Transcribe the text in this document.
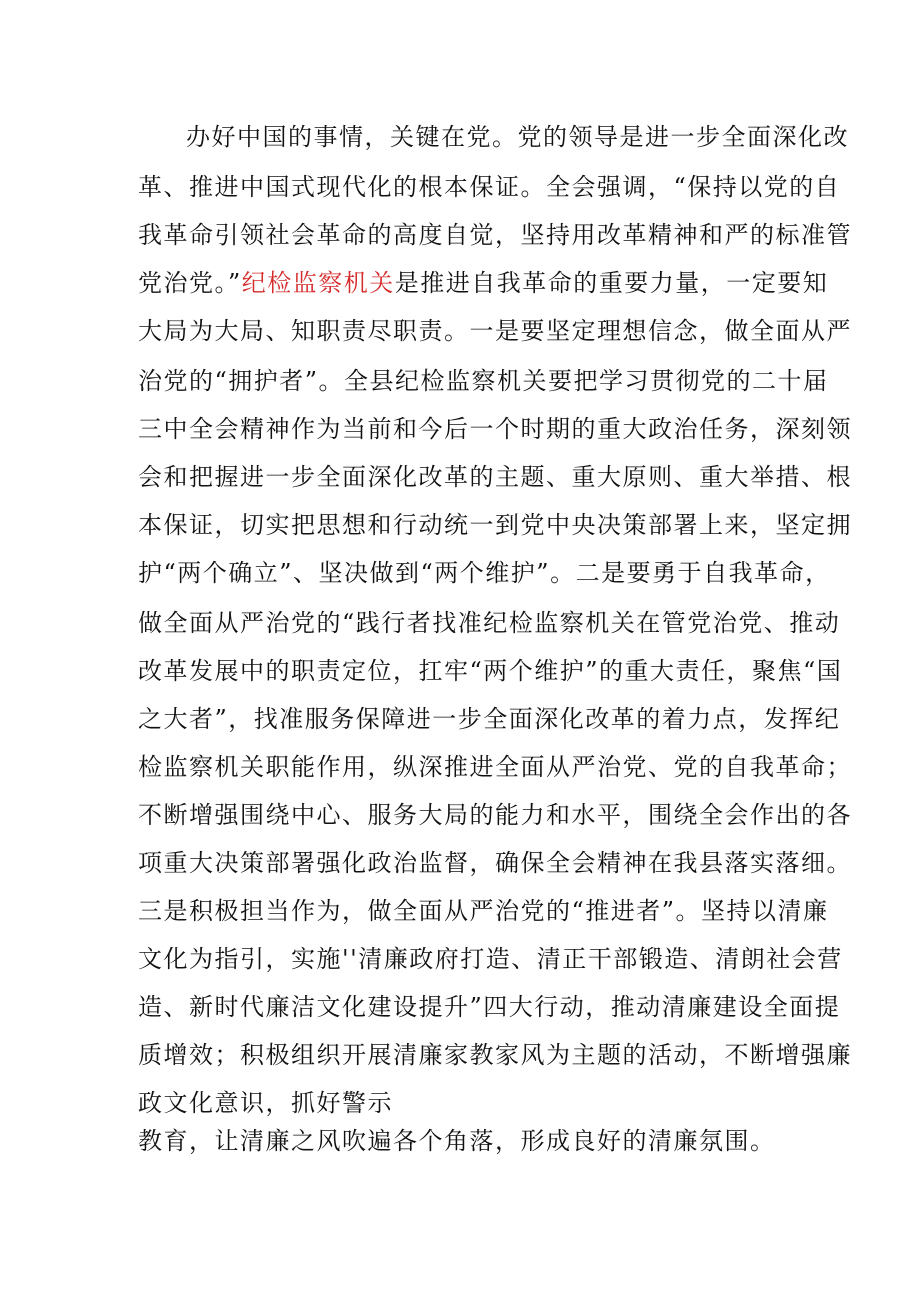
办好中国的事情，关键在党。党的领导是进一步全面深化改
革、推进中国式现代化的根本保证。全会强调，“保持以党的自
我革命引领社会革命的高度自觉，坚持用改革精神和严的标准管
党治党。”纪检监察机关是推进自我革命的重要力量，一定要知
大局为大局、知职责尽职责。一是要坚定理想信念，做全面从严
治党的“拥护者”。全县纪检监察机关要把学习贯彻党的二十届
三中全会精神作为当前和今后一个时期的重大政治任务，深刻领
会和把握进一步全面深化改革的主题、重大原则、重大举措、根
本保证，切实把思想和行动统一到党中央决策部署上来，坚定拥
护“两个确立”、坚决做到“两个维护”。二是要勇于自我革命，
做全面从严治党的“践行者找准纪检监察机关在管党治党、推动
改革发展中的职责定位，扛牢“两个维护”的重大责任，聚焦“国
之大者”，找准服务保障进一步全面深化改革的着力点，发挥纪
检监察机关职能作用，纵深推进全面从严治党、党的自我革命；
不断增强围绕中心、服务大局的能力和水平，围绕全会作出的各
项重大决策部署强化政治监督，确保全会精神在我县落实落细。
三是积极担当作为，做全面从严治党的“推进者”。坚持以清廉
文化为指引，实施''清廉政府打造、清正干部锻造、清朗社会营
造、新时代廉洁文化建设提升”四大行动，推动清廉建设全面提
质增效；积极组织开展清廉家教家风为主题的活动，不断增强廉
政文化意识，抓好警示
教育，让清廉之风吹遍各个角落，形成良好的清廉氛围。
